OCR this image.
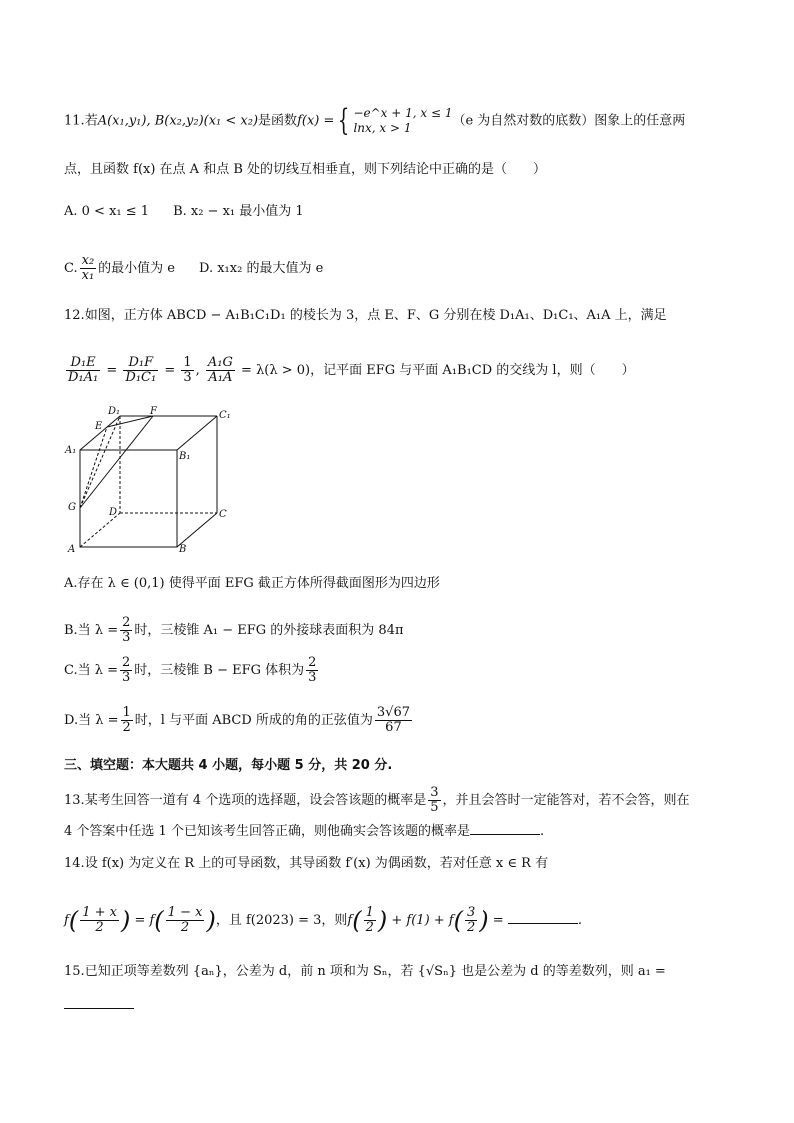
11.若A(x₁,y₁), B(x₂,y₂)(x₁ < x₂)是函数f(x) = { −e^x + 1, x ≤ 1
lnx, x > 1	（e 为自然对数的底数）图象上的任意两
点，且函数 f(x) 在点 A 和点 B 处的切线互相垂直，则下列结论中正确的是（　　）
A. 0 < x₁ ≤ 1 B. x₂ − x₁ 最小值为 1
C. $\frac{\text{x₂}}{\text{x₁}}$ 的最小值为 e D. x₁x₂ 的最大值为 e
12.如图，正方体 ABCD − A₁B₁C₁D₁ 的棱长为 3，点 E、F、G 分别在棱 D₁A₁、D₁C₁、A₁A 上，满足
$\frac{\text{D₁E}}{\text{D₁A₁}} = \frac{\text{D₁F}}{\text{D₁C₁}} = \frac{1}{3}$ , $\frac{\text{A₁G}}{\text{A₁A}} = \lambda(\lambda > 0)$，记平面 EFG 与平面 A₁B₁CD 的交线为 l，则（　　）
D₁	F	C₁
E
A₁
B₁
G	D	C
A	B
A.存在 λ ∈ (0,1) 使得平面 EFG 截正方体所得截面图形为四边形
B.当 $\lambda = \frac{2}{3}$ 时，三棱锥 A₁ − EFG 的外接球表面积为 84π
C.当 $\lambda = \frac{2}{3}$ 时，三棱锥 B − EFG 体积为 $\frac{2}{3}$
D.当 $\lambda = \frac{1}{2}$ 时，l 与平面 ABCD 所成的角的正弦值为 $\frac{3√67}{67}$
三、填空题：本大题共 4 小题，每小题 5 分，共 20 分.
13.某考生回答一道有 4 个选项的选择题，设会答该题的概率是 $\frac{3}{5}$ ，并且会答时一定能答对，若不会答，则在
4 个答案中任选 1 个已知该考生回答正确，则他确实会答该题的概率是	.
14.设 f(x) 为定义在 R 上的可导函数，其导函数 f′(x) 为偶函数，若对任意 x ∈ R 有
$f( \frac{1 + x}{2}$ ) = $f( \frac{1 - x}{2}$ )，且 f(2023) = 3，则$f( \frac{1}{2}$ ) + $f(1) + f( \frac{3}{2}$ ) =	.
15.已知正项等差数列 {aₙ}，公差为 d，前 n 项和为 Sₙ，若 {√Sₙ} 也是公差为 d 的等差数列，则 a₁ =
